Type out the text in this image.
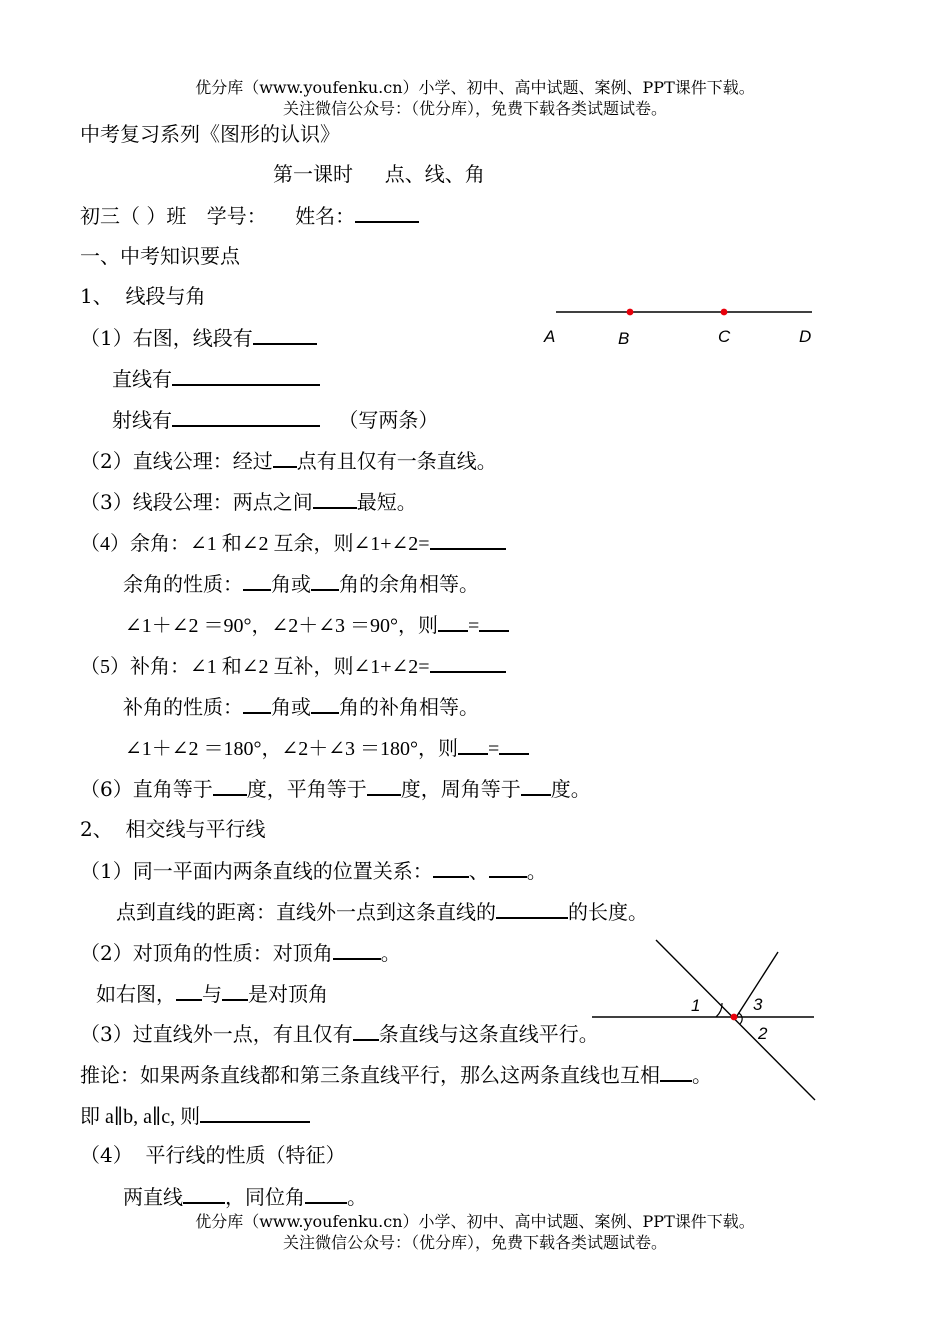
优分库（www.youfenku.cn）小学、初中、高中试题、案例、PPT课件下载。
关注微信公众号：（优分库），免费下载各类试题试卷。
中考复习系列《图形的认识》
第一课时     点、线、角
初三（ ）班 学号： 姓名：
一、中考知识要点
1、  线段与角
（1）右图，线段有
直线有
射线有	（写两条）
（2）直线公理：经过 点有且仅有一条直线。
（3）线段公理：两点之间 最短。
（4）余角：∠1 和∠2 互余，则∠1+∠2=
余角的性质： 角或 角的余角相等。
∠1＋∠2 ＝90°，∠2＋∠3 ＝90°，则 =
（5）补角：∠1 和∠2 互补，则∠1+∠2=
补角的性质： 角或 角的补角相等。
∠1＋∠2 ＝180°，∠2＋∠3 ＝180°，则 =
（6）直角等于 度，平角等于 度，周角等于 度。
2、  相交线与平行线
（1）同一平面内两条直线的位置关系： 、 。
点到直线的距离：直线外一点到这条直线的	的长度。
（2）对顶角的性质：对顶角 。
如右图， 与 是对顶角
（3）过直线外一点，有且仅有 条直线与这条直线平行。
推论：如果两条直线都和第三条直线平行，那么这两条直线也互相 。
即 a∥b, a∥c, 则
（4）  平行线的性质（特征）
两直线 ，同位角 。
优分库（www.youfenku.cn）小学、初中、高中试题、案例、PPT课件下载。
关注微信公众号：（优分库），免费下载各类试题试卷。
A	B	C	D
1	3
2
